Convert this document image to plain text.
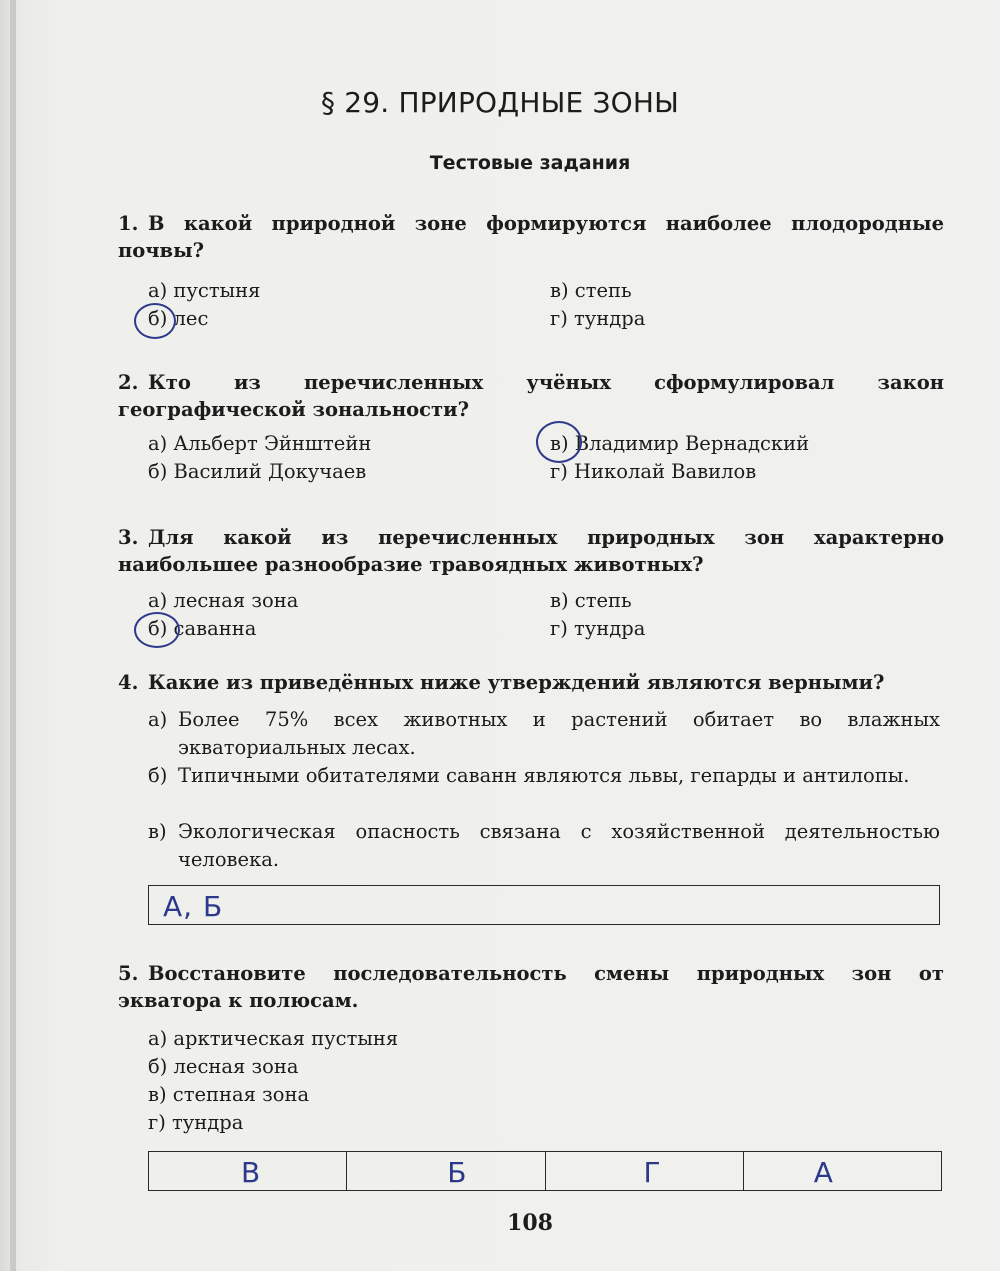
§ 29. ПРИРОДНЫЕ ЗОНЫ
Тестовые задания
1. В какой природной зоне формируются наиболее плодородные почвы?
а) пустыня
б) лес
в) степь
г) тундра
2. Кто из перечисленных учёных сформулировал закон географической зональности?
а) Альберт Эйнштейн
б) Василий Докучаев
в) Владимир Вернадский
г) Николай Вавилов
3. Для какой из перечисленных природных зон характерно наибольшее разнообразие травоядных животных?
а) лесная зона
б) саванна
в) степь
г) тундра
4. Какие из приведённых ниже утверждений являются верными?
а) Более 75% всех животных и растений обитает во влажных экваториальных лесах.
б) Типичными обитателями саванн являются львы, гепарды и антилопы.
в) Экологическая опасность связана с хозяйственной деятельностью человека.
А, Б
5. Восстановите последовательность смены природных зон от экватора к полюсам.
а) арктическая пустыня
б) лесная зона
в) степная зона
г) тундра
В	Б	Г	А
108
